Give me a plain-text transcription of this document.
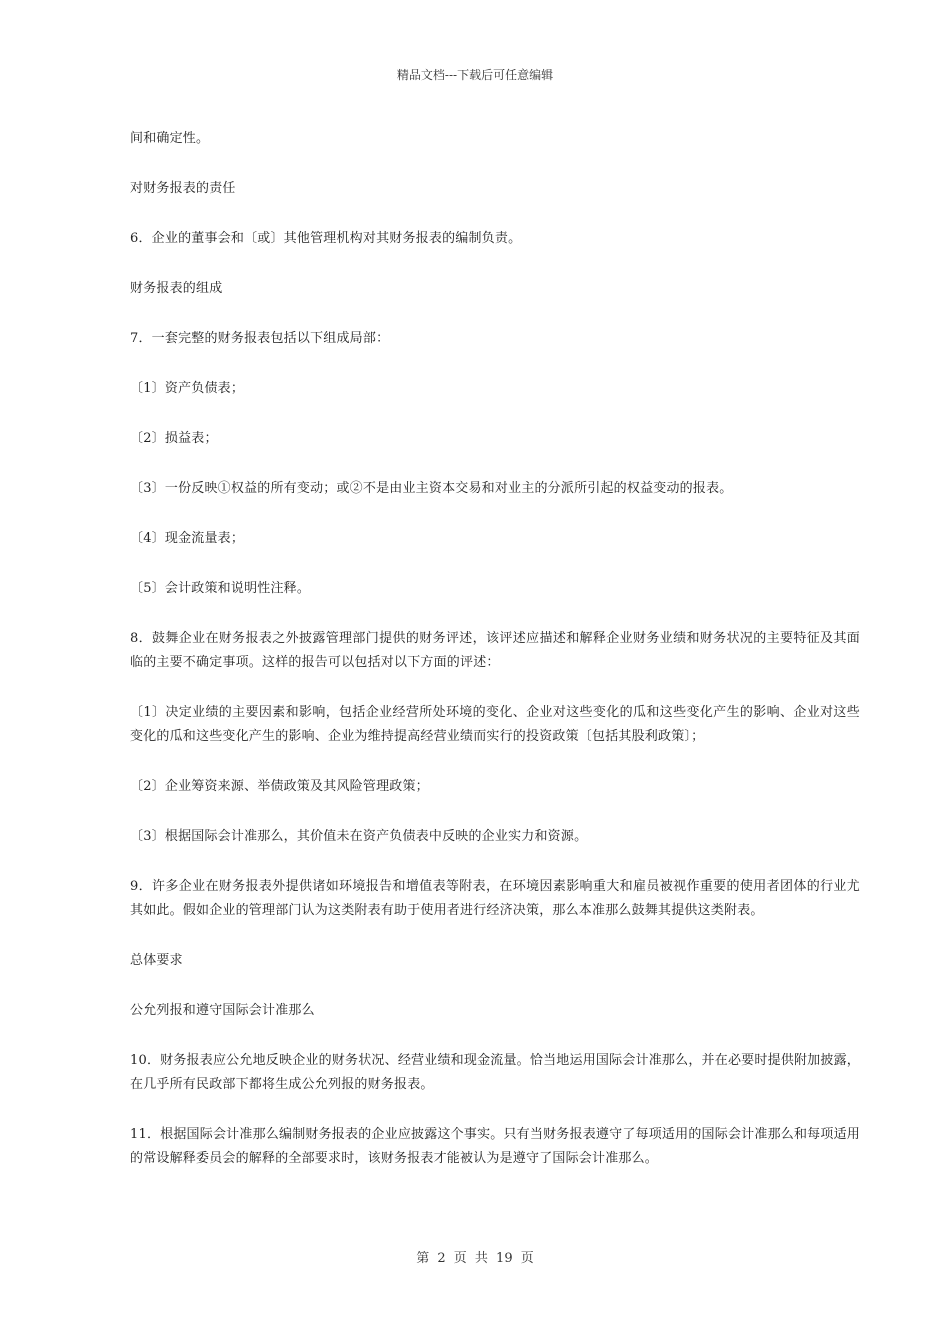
精品文档---下载后可任意编辑

间和确定性。

对财务报表的责任

6．企业的董事会和〔或〕其他管理机构对其财务报表的编制负责。

财务报表的组成

7．一套完整的财务报表包括以下组成局部：

〔1〕资产负债表；

〔2〕损益表；

〔3〕一份反映①权益的所有变动；或②不是由业主资本交易和对业主的分派所引起的权益变动的报表。

〔4〕现金流量表；

〔5〕会计政策和说明性注释。

8．鼓舞企业在财务报表之外披露管理部门提供的财务评述，该评述应描述和解释企业财务业绩和财务状况的主要特征及其面临的主要不确定事项。这样的报告可以包括对以下方面的评述：

〔1〕决定业绩的主要因素和影响，包括企业经营所处环境的变化、企业对这些变化的瓜和这些变化产生的影响、企业对这些变化的瓜和这些变化产生的影响、企业为维持提高经营业绩而实行的投资政策〔包括其股利政策〕；

〔2〕企业筹资来源、举债政策及其风险管理政策；

〔3〕根据国际会计准那么，其价值未在资产负债表中反映的企业实力和资源。

9．许多企业在财务报表外提供诸如环境报告和增值表等附表，在环境因素影响重大和雇员被视作重要的使用者团体的行业尤其如此。假如企业的管理部门认为这类附表有助于使用者进行经济决策，那么本准那么鼓舞其提供这类附表。

总体要求

公允列报和遵守国际会计准那么

10．财务报表应公允地反映企业的财务状况、经营业绩和现金流量。恰当地运用国际会计准那么，并在必要时提供附加披露，在几乎所有民政部下都将生成公允列报的财务报表。

11．根据国际会计准那么编制财务报表的企业应披露这个事实。只有当财务报表遵守了每项适用的国际会计准那么和每项适用的常设解释委员会的解释的全部要求时，该财务报表才能被认为是遵守了国际会计准那么。

第 2 页 共 19 页
